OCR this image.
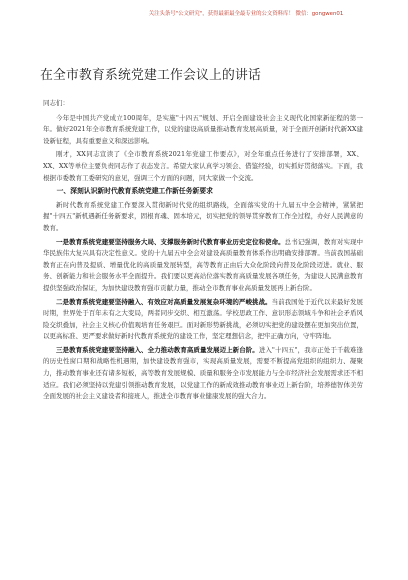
关注头条号"公文研究"，获得最新最全最专业的公文资料库！ 微信：gongwen01
在全市教育系统党建工作会议上的讲话

同志们：

今年是中国共产党成立100周年，是实施"十四五"规划、开启全面建设社会主义现代化国家新征程的第一年。做好2021年全市教育系统党建工作，以党的建设高质量推动教育发展高质量，对于全面开创新时代新XX建设新征程，具有重要意义和深远影响。

刚才，XX同志宣读了《全市教育系统2021年党建工作要点》，对全年重点任务进行了安排部署，XX、XX、XX等单位主要负责同志作了表态发言。希望大家认真学习领会、借鉴经验，切实抓好贯彻落实。下面，我根据市委教育工委研究的意见，强调三个方面的问题，同大家做一个交流。

一、深刻认识新时代教育系统党建工作新任务新要求

新时代教育系统党建工作要深入贯彻新时代党的组织路线，全面落实党的十九届五中全会精神，紧紧把握"十四五"新机遇新任务新要求，固根育魂、固本培元，切实把党的领导贯穿教育工作全过程，办好人民满意的教育。

一是教育系统党建要坚持服务大局、支撑服务新时代教育事业历史定位和使命。总书记强调，教育对实现中华民族伟大复兴具有决定性意义。党的十九届五中全会对建设高质量教育体系作出明确安排部署。当前我国基础教育正在向普及提质、增量优化的高质量发展转型，高等教育正由后大众化阶段向普及化阶段迈进。就业、服务、创新能力和社会服务水平全面提升。我们要以更高站位落实教育高质量发展各项任务，为建设人民满意教育提供坚强政治保证，为加快建设教育强市贡献力量，推动全市教育事业高质量发展再上新台阶。

二是教育系统党建要坚持融入、有效应对高质量发展复杂环境的严峻挑战。当前我国处于近代以来最好发展时期，世界处于百年未有之大变局，两者同步交织、相互激荡。学校思政工作、意识形态领域斗争和社会矛盾风险交织叠加，社会主义核心价值观培育任务艰巨。面对新形势新挑战，必须切实把党的建设摆在更加突出位置，以更高标准、更严要求做好新时代教育系统党的建设工作，坚定理想信念，把牢正确方向，守牢阵地。

三是教育系统党建要坚持融入、全力推动教育高质量发展迈上新台阶。进入"十四五"，我市正处于千载难逢的历史性窗口期和战略性机遇期，加快建设教育强市，实现高质量发展，需要不断提高党组织的组织力、凝聚力，推动教育事业还有诸多短板，高等教育发展规模、质量和服务全市发展能力与全市经济社会发展需求还不相适应。我们必须坚持以党建引领推动教育发展，以党建工作的新成效推动教育事业迈上新台阶，培养德智体美劳全面发展的社会主义建设者和接班人，推进全市教育事业健康发展的强大合力。
